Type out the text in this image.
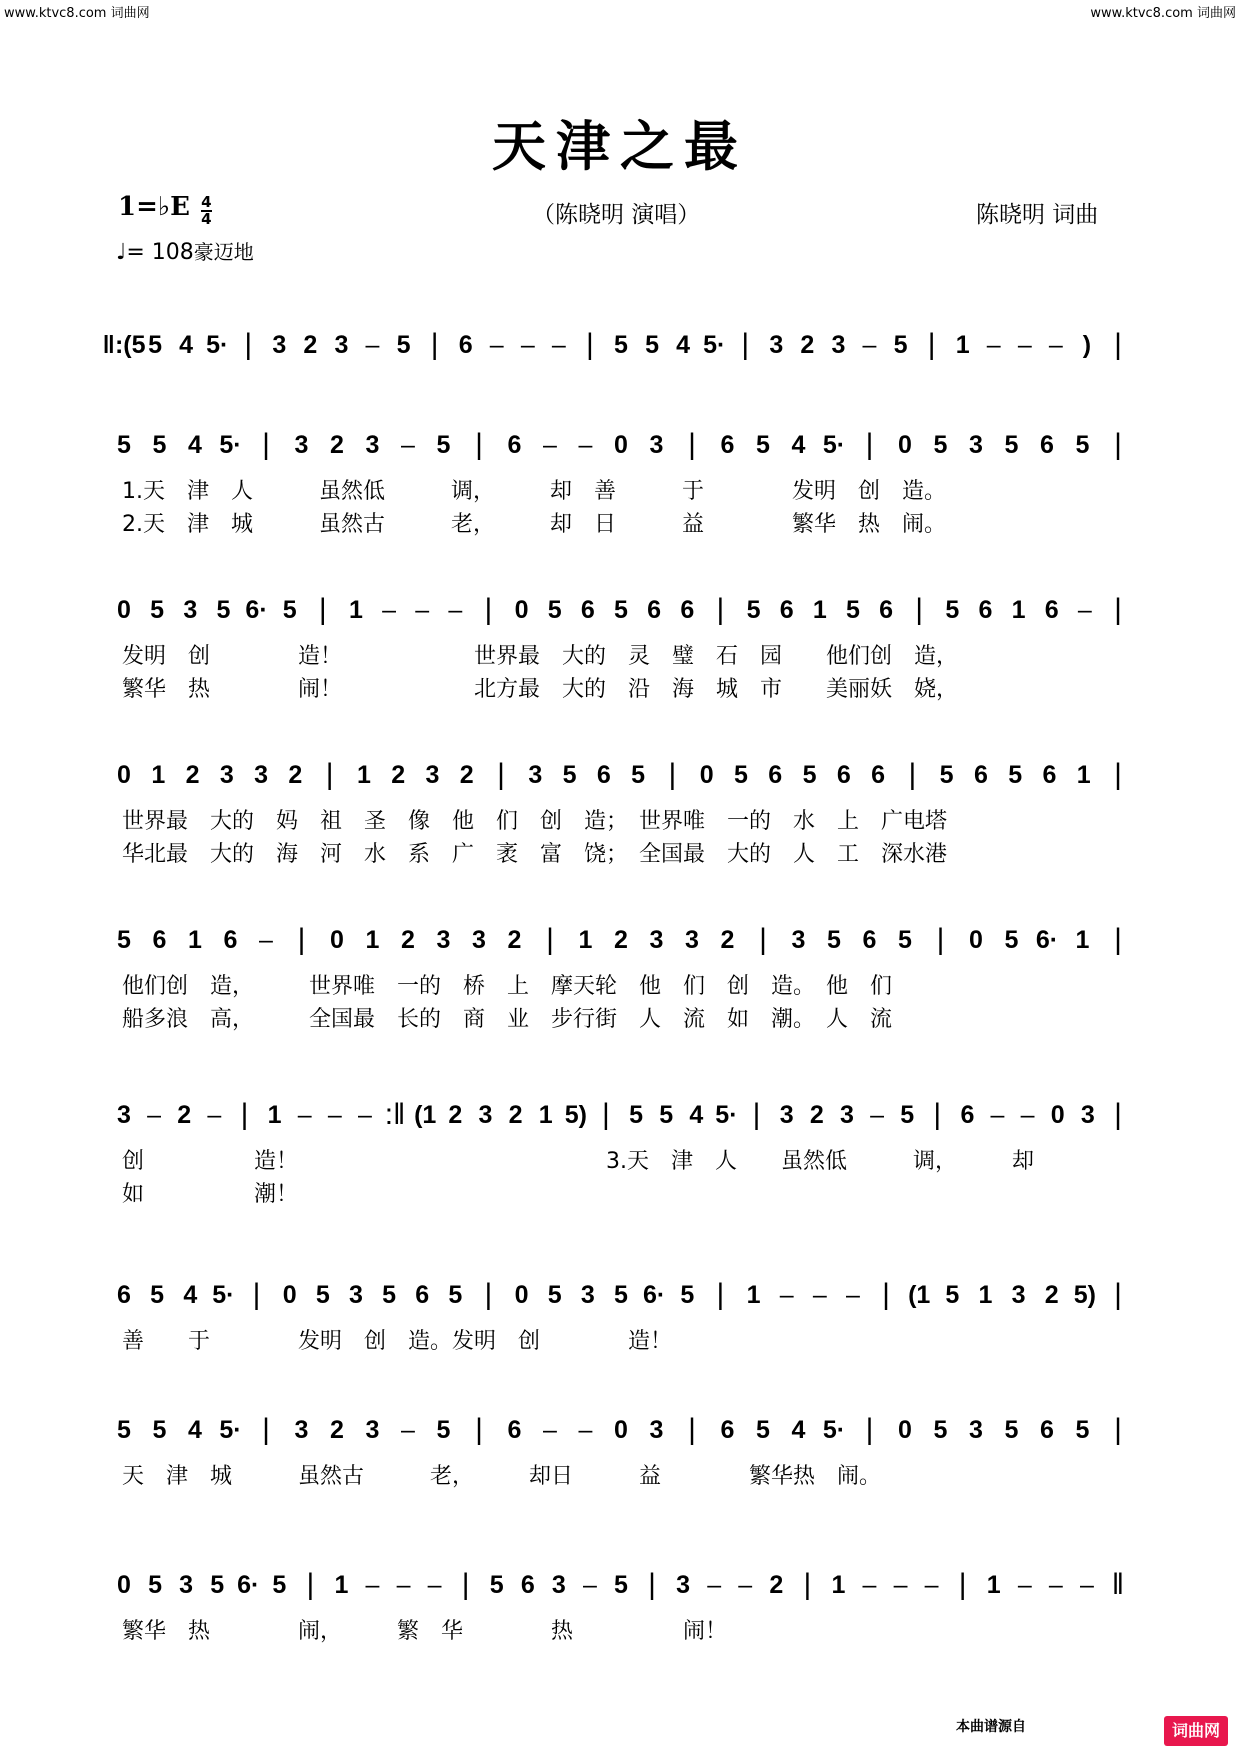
www.ktvc8.com 词曲网	www.ktvc8.com 词曲网
天津之最
1=♭E $\frac{4}{4}$
♩= 108豪迈地
（陈晓明 演唱）	陈晓明 词曲
‖:(5 5 4 5· | 3 2 3 – 5 | 6 – – – | 5 5 4 5· | 3 2 3 – 5 | 1 – – – ) |
5 5 4 5· | 3 2 3 – 5 | 6 – – 0 3 | 6 5 4 5· | 0 5 3 5 6 5 |
1.天　津　人　　　虽然低　　　调，　　　却　善　　　于　　　　发明　创　造。
2.天　津　城　　　虽然古　　　老，　　　却　日　　　益　　　　繁华　热　闹。
0 5 3 5 6· 5 | 1 – – – | 0 5 6 5 6 6 | 5 6 1 5 6 | 5 6 1 6 – |
发明　创　　　　造！　　　　　　世界最　大的　灵　璧　石　园　　他们创　造，
繁华　热　　　　闹！　　　　　　北方最　大的　沿　海　城　市　　美丽妖　娆，
0 1 2 3 3 2 | 1 2 3 2 | 3 5 6 5 | 0 5 6 5 6 6 | 5 6 5 6 1 |
世界最　大的　妈　祖　圣　像　他　们　创　造；　世界唯　一的　水　上　广电塔
华北最　大的　海　河　水　系　广　袤　富　饶；　全国最　大的　人　工　深水港
5 6 1 6 – | 0 1 2 3 3 2 | 1 2 3 3 2 | 3 5 6 5 | 0 5 6· 1 |
他们创　造，　　　世界唯　一的　桥　上　摩天轮　他　们　创　造。　他　们
船多浪　高，　　　全国最　长的　商　业　步行街　人　流　如　潮。　人　流
3 – 2 – | 1 – – – :‖ (1 2 3 2 1 5) | 5 5 4 5· | 3 2 3 – 5 | 6 – – 0 3 |
创　　　　　造！　　　　　　　　　　　　　　3.天　津　人　　虽然低　　　调，　　　却
如　　　　　潮！
6 5 4 5· | 0 5 3 5 6 5 | 0 5 3 5 6· 5 | 1 – – – | (1 5 1 3 2 5) |
善　　于　　　　发明　创　造。发明　创　　　　造！
5 5 4 5· | 3 2 3 – 5 | 6 – – 0 3 | 6 5 4 5· | 0 5 3 5 6 5 |
天　津　城　　　虽然古　　　老，　　　却日　　　益　　　　繁华热　闹。
0 5 3 5 6· 5 | 1 – – – | 5 6 3 – 5 | 3 – – 2 | 1 – – – | 1 – – – ‖
繁华　热　　　　闹，　　　繁　华　　　　热　　　　　闹！
本曲谱源自	词曲网
